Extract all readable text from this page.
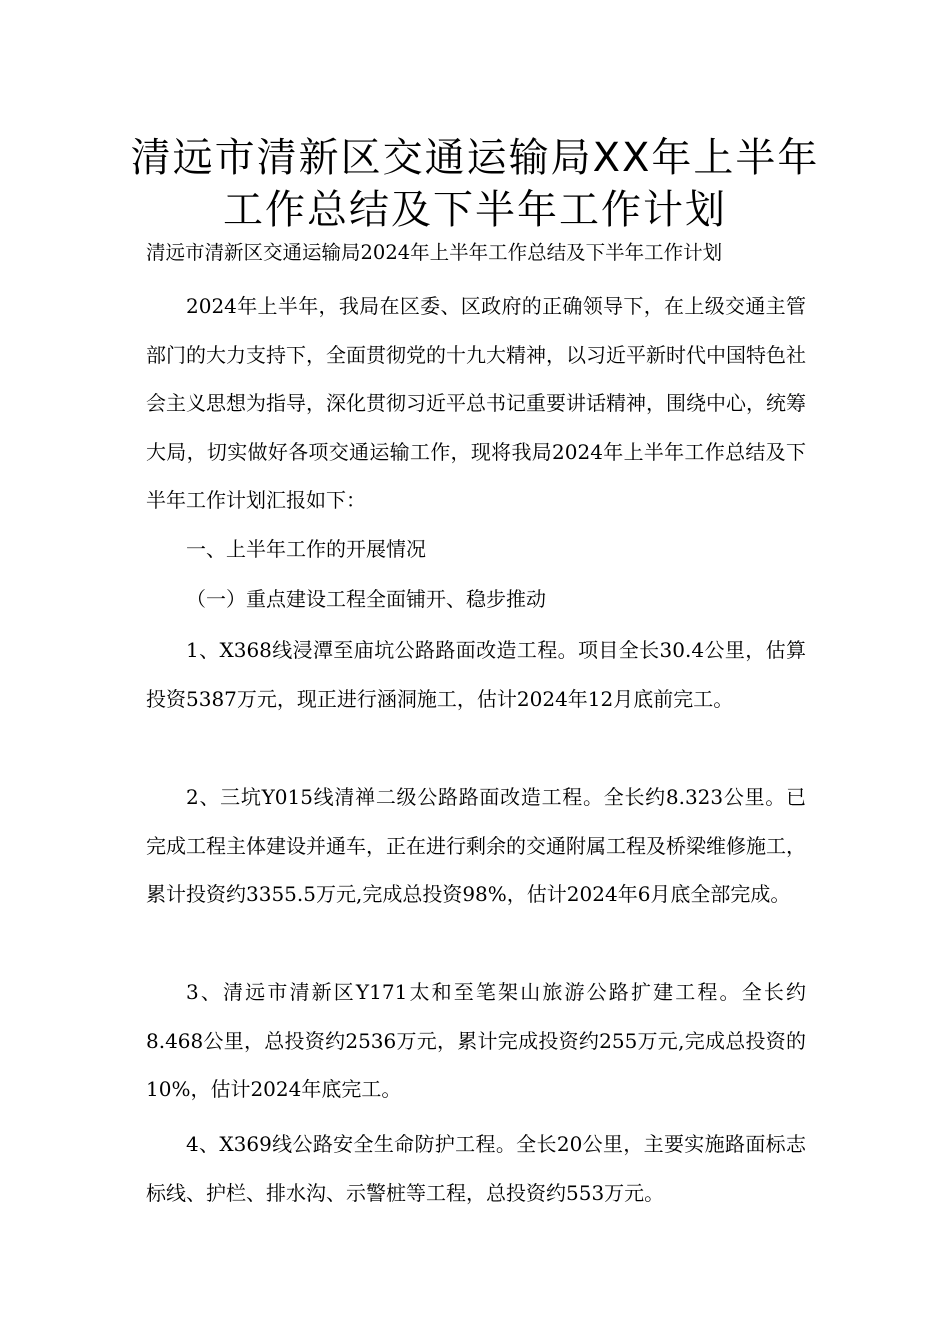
清远市清新区交通运输局XX年上半年
工作总结及下半年工作计划

清远市清新区交通运输局2024年上半年工作总结及下半年工作计划

2024年上半年，我局在区委、区政府的正确领导下，在上级交通主管部门的大力支持下，全面贯彻党的十九大精神，以习近平新时代中国特色社会主义思想为指导，深化贯彻习近平总书记重要讲话精神，围绕中心，统筹大局，切实做好各项交通运输工作，现将我局2024年上半年工作总结及下半年工作计划汇报如下：

一、上半年工作的开展情况

（一）重点建设工程全面铺开、稳步推动

1、X368线浸潭至庙坑公路路面改造工程。项目全长30.4公里，估算投资5387万元，现正进行涵洞施工，估计2024年12月底前完工。

2、三坑Y015线清禅二级公路路面改造工程。全长约8.323公里。已完成工程主体建设并通车，正在进行剩余的交通附属工程及桥梁维修施工，累计投资约3355.5万元,完成总投资98%，估计2024年6月底全部完成。

3、清远市清新区Y171太和至笔架山旅游公路扩建工程。全长约8.468公里，总投资约2536万元，累计完成投资约255万元,完成总投资的10%，估计2024年底完工。

4、X369线公路安全生命防护工程。全长20公里，主要实施路面标志标线、护栏、排水沟、示警桩等工程，总投资约553万元。
